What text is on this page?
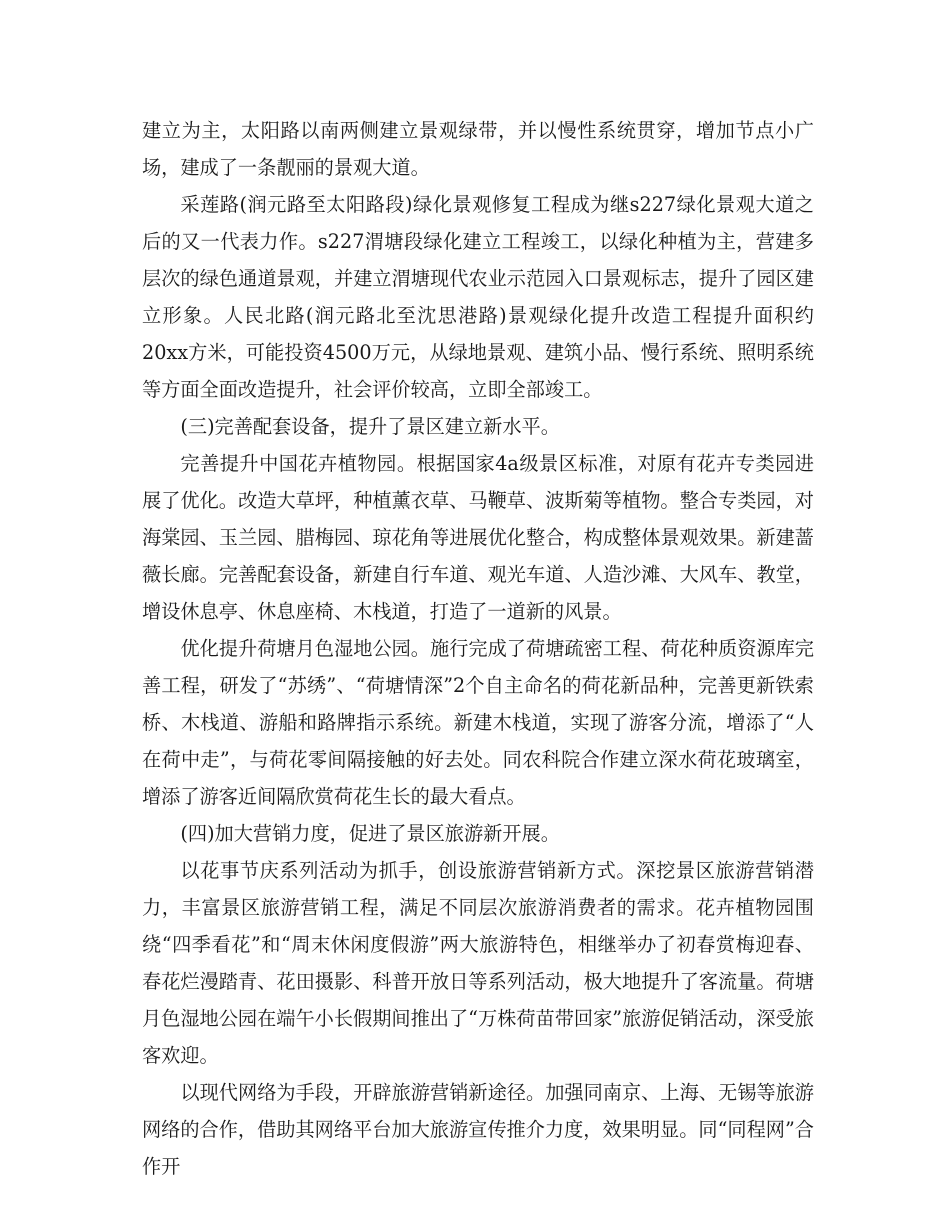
建立为主，太阳路以南两侧建立景观绿带，并以慢性系统贯穿，增加节点小广场，建成了一条靓丽的景观大道。

采莲路(润元路至太阳路段)绿化景观修复工程成为继s227绿化景观大道之后的又一代表力作。s227渭塘段绿化建立工程竣工，以绿化种植为主，营建多层次的绿色通道景观，并建立渭塘现代农业示范园入口景观标志，提升了园区建立形象。人民北路(润元路北至沈思港路)景观绿化提升改造工程提升面积约20xx方米，可能投资4500万元，从绿地景观、建筑小品、慢行系统、照明系统等方面全面改造提升，社会评价较高，立即全部竣工。

(三)完善配套设备，提升了景区建立新水平。

完善提升中国花卉植物园。根据国家4a级景区标准，对原有花卉专类园进展了优化。改造大草坪，种植薰衣草、马鞭草、波斯菊等植物。整合专类园，对海棠园、玉兰园、腊梅园、琼花角等进展优化整合，构成整体景观效果。新建蔷薇长廊。完善配套设备，新建自行车道、观光车道、人造沙滩、大风车、教堂，增设休息亭、休息座椅、木栈道，打造了一道新的风景。

优化提升荷塘月色湿地公园。施行完成了荷塘疏密工程、荷花种质资源库完善工程，研发了“苏绣”、“荷塘情深”2个自主命名的荷花新品种，完善更新铁索桥、木栈道、游船和路牌指示系统。新建木栈道，实现了游客分流，增添了“人在荷中走”，与荷花零间隔接触的好去处。同农科院合作建立深水荷花玻璃室，增添了游客近间隔欣赏荷花生长的最大看点。

(四)加大营销力度，促进了景区旅游新开展。

以花事节庆系列活动为抓手，创设旅游营销新方式。深挖景区旅游营销潜力，丰富景区旅游营销工程，满足不同层次旅游消费者的需求。花卉植物园围绕“四季看花”和“周末休闲度假游”两大旅游特色，相继举办了初春赏梅迎春、春花烂漫踏青、花田摄影、科普开放日等系列活动，极大地提升了客流量。荷塘月色湿地公园在端午小长假期间推出了“万株荷苗带回家”旅游促销活动，深受旅客欢迎。

以现代网络为手段，开辟旅游营销新途径。加强同南京、上海、无锡等旅游网络的合作，借助其网络平台加大旅游宣传推介力度，效果明显。同“同程网”合作开
